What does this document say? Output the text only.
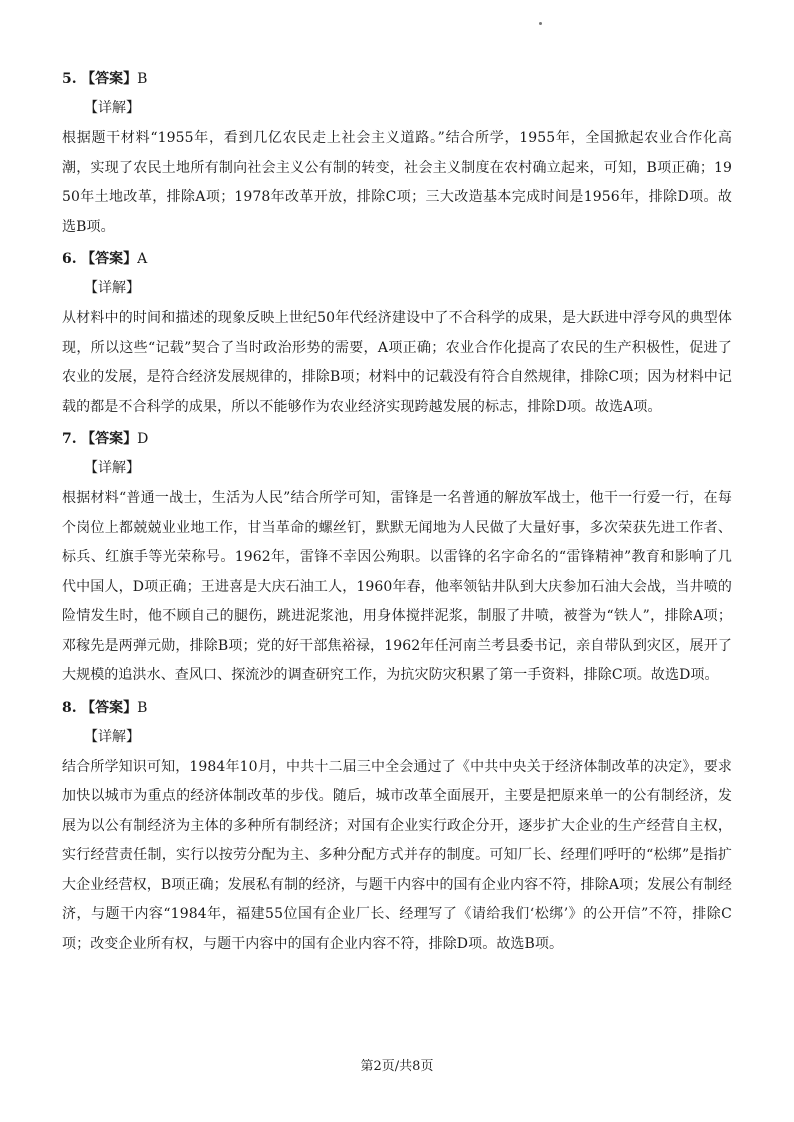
5. 【答案】B
【详解】
根据题干材料“1955年，看到几亿农民走上社会主义道路。”结合所学，1955年，全国掀起农业合作化高潮，实现了农民土地所有制向社会主义公有制的转变，社会主义制度在农村确立起来，可知，B项正确；1950年土地改革，排除A项；1978年改革开放，排除C项；三大改造基本完成时间是1956年，排除D项。故选B项。
6. 【答案】A
【详解】
从材料中的时间和描述的现象反映上世纪50年代经济建设中了不合科学的成果，是大跃进中浮夸风的典型体现，所以这些“记载”契合了当时政治形势的需要，A项正确；农业合作化提高了农民的生产积极性，促进了农业的发展，是符合经济发展规律的，排除B项；材料中的记载没有符合自然规律，排除C项；因为材料中记载的都是不合科学的成果，所以不能够作为农业经济实现跨越发展的标志，排除D项。故选A项。
7. 【答案】D
【详解】
根据材料“普通一战士，生活为人民”结合所学可知，雷锋是一名普通的解放军战士，他干一行爱一行，在每个岗位上都兢兢业业地工作，甘当革命的螺丝钉，默默无闻地为人民做了大量好事，多次荣获先进工作者、标兵、红旗手等光荣称号。1962年，雷锋不幸因公殉职。以雷锋的名字命名的“雷锋精神”教育和影响了几代中国人，D项正确；王进喜是大庆石油工人，1960年春，他率领钻井队到大庆参加石油大会战，当井喷的险情发生时，他不顾自己的腿伤，跳进泥浆池，用身体搅拌泥浆，制服了井喷，被誉为“铁人”，排除A项；邓稼先是两弹元勋，排除B项；党的好干部焦裕禄，1962年任河南兰考县委书记，亲自带队到灾区，展开了大规模的追洪水、查风口、探流沙的调查研究工作，为抗灾防灾积累了第一手资料，排除C项。故选D项。
8. 【答案】B
【详解】
结合所学知识可知，1984年10月，中共十二届三中全会通过了《中共中央关于经济体制改革的决定》，要求加快以城市为重点的经济体制改革的步伐。随后，城市改革全面展开，主要是把原来单一的公有制经济，发展为以公有制经济为主体的多种所有制经济；对国有企业实行政企分开，逐步扩大企业的生产经营自主权，实行经营责任制，实行以按劳分配为主、多种分配方式并存的制度。可知厂长、经理们呼吁的“松绑”是指扩大企业经营权，B项正确；发展私有制的经济，与题干内容中的国有企业内容不符，排除A项；发展公有制经济，与题干内容“1984年，福建55位国有企业厂长、经理写了《请给我们‘松绑’》的公开信”不符，排除C项；改变企业所有权，与题干内容中的国有企业内容不符，排除D项。故选B项。
第2页/共8页
